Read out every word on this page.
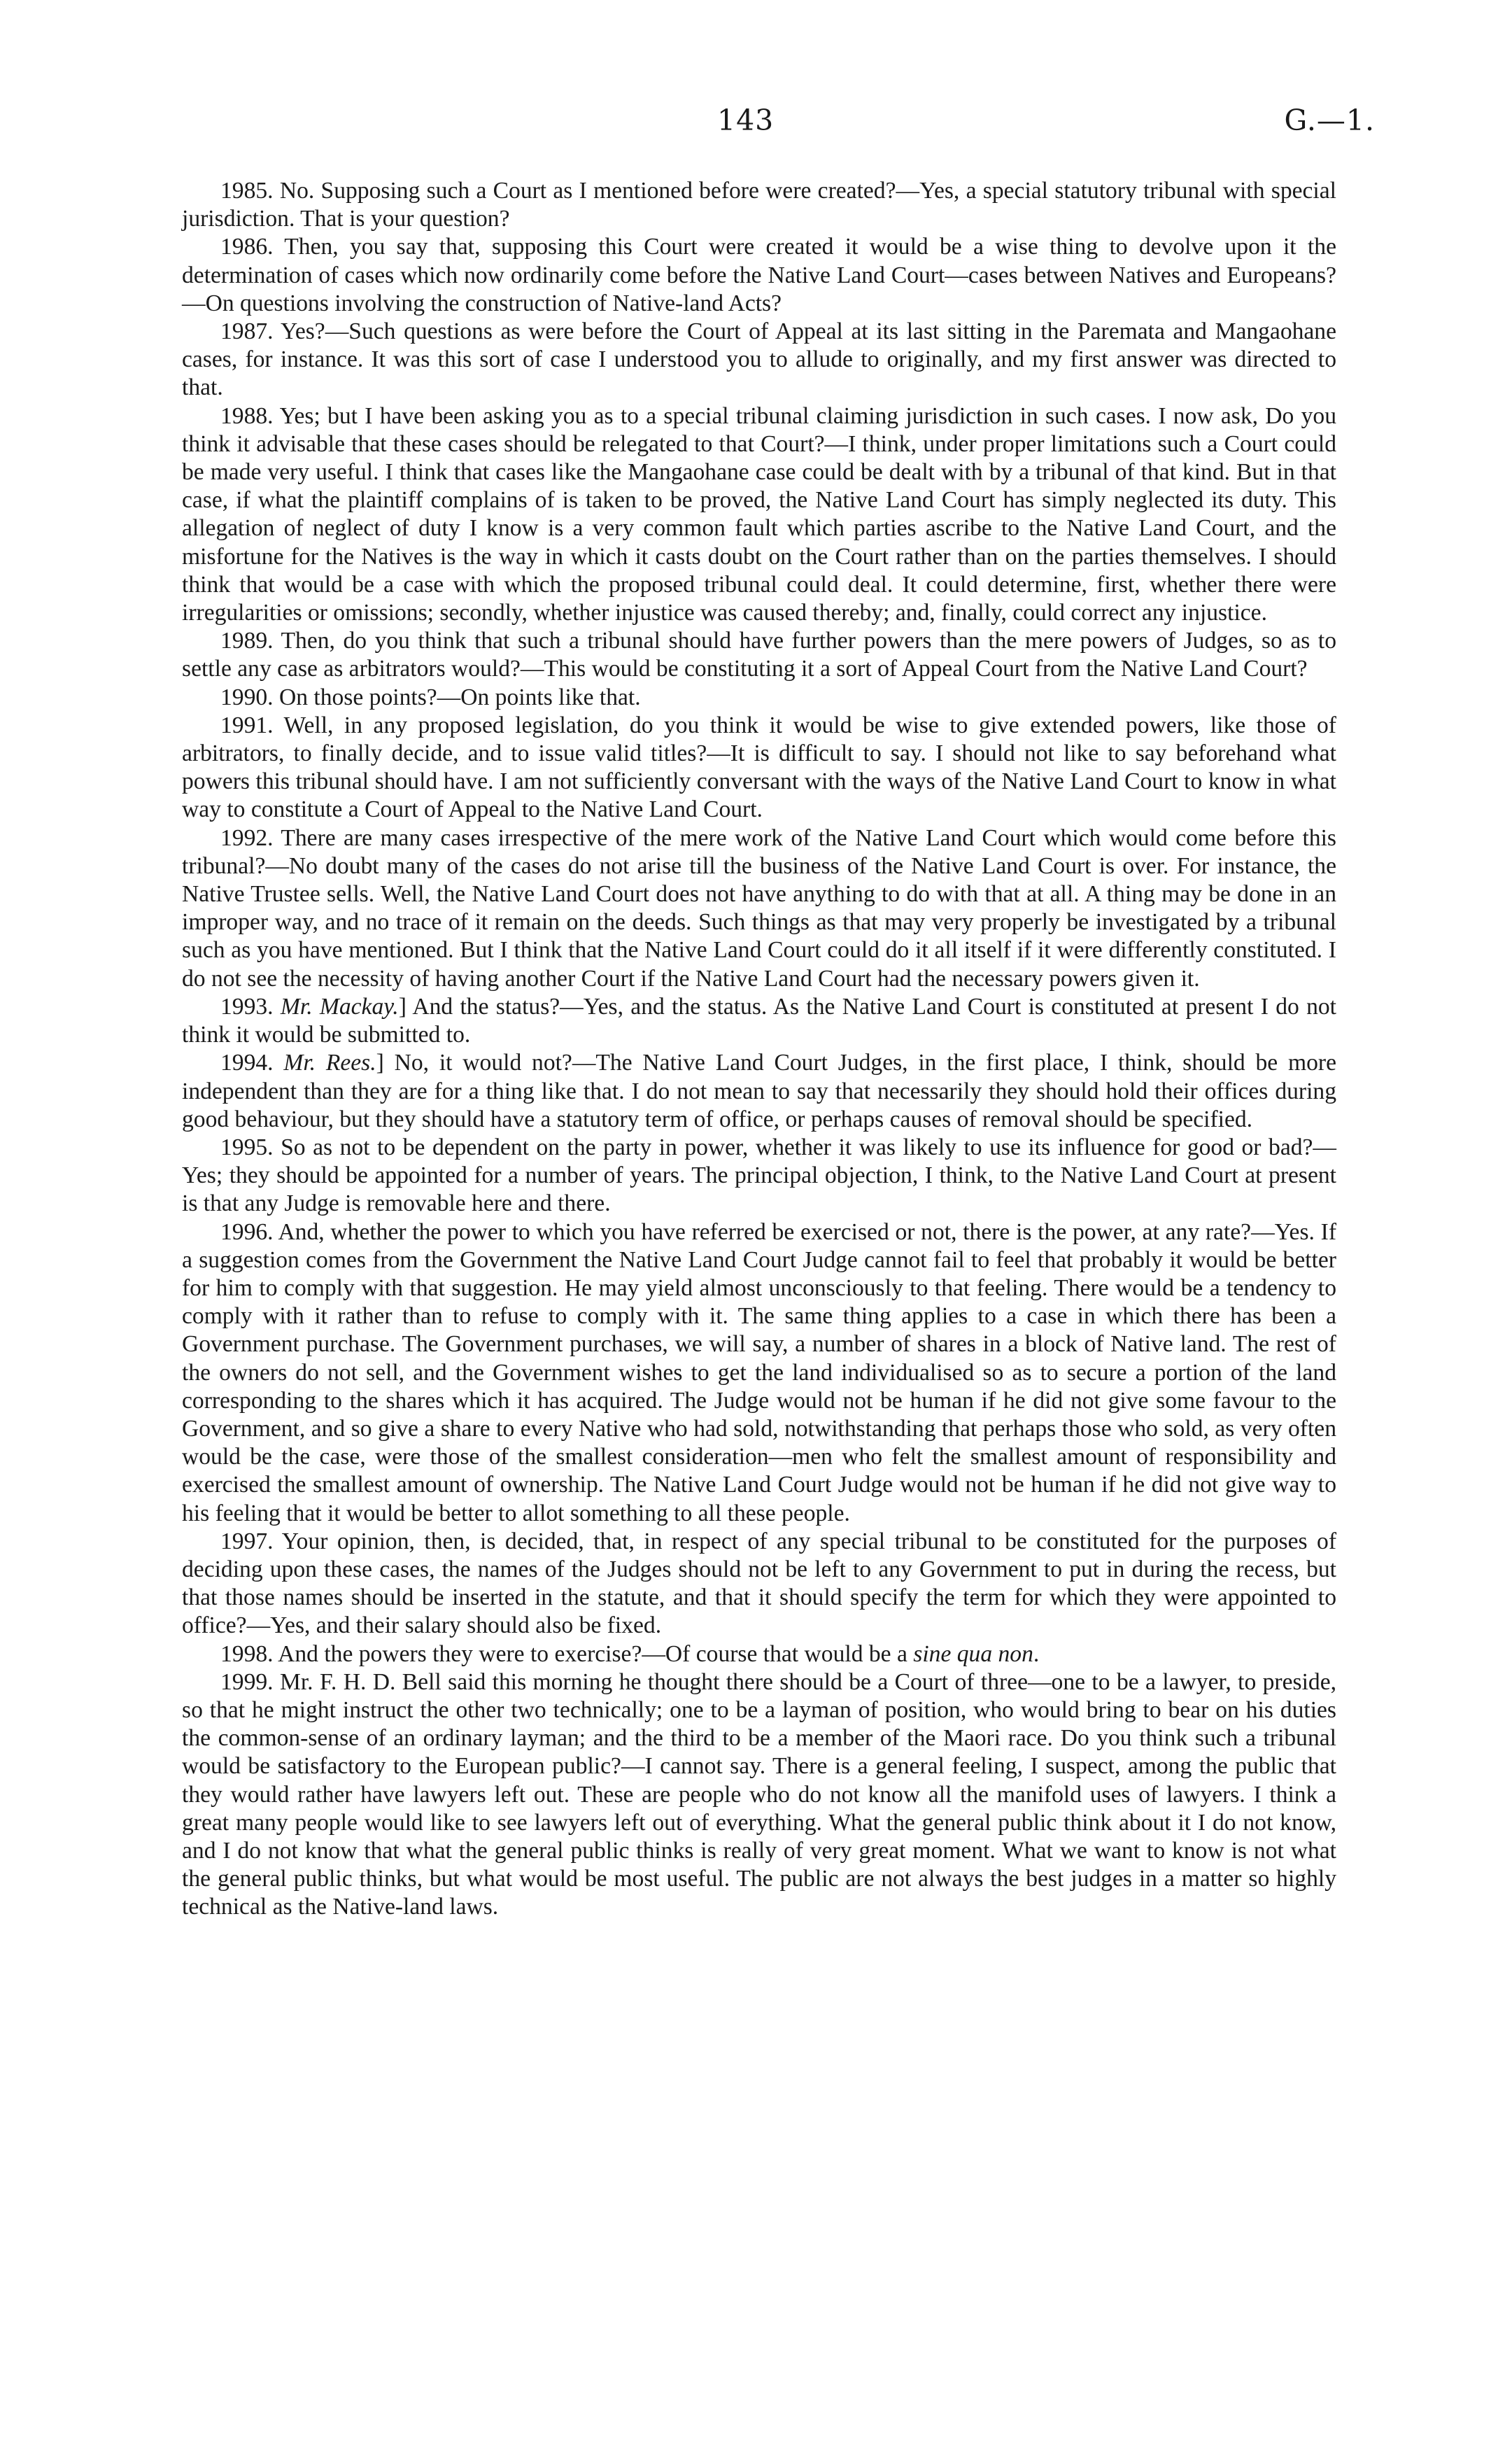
143	G.—1.

1985. No. Supposing such a Court as I mentioned before were created?—Yes, a special statutory tribunal with special jurisdiction. That is your question?

1986. Then, you say that, supposing this Court were created it would be a wise thing to devolve upon it the determination of cases which now ordinarily come before the Native Land Court—cases between Natives and Europeans?—On questions involving the construction of Native-land Acts?

1987. Yes?—Such questions as were before the Court of Appeal at its last sitting in the Paremata and Mangaohane cases, for instance. It was this sort of case I understood you to allude to originally, and my first answer was directed to that.

1988. Yes; but I have been asking you as to a special tribunal claiming jurisdiction in such cases. I now ask, Do you think it advisable that these cases should be relegated to that Court?—I think, under proper limitations such a Court could be made very useful. I think that cases like the Mangaohane case could be dealt with by a tribunal of that kind. But in that case, if what the plaintiff complains of is taken to be proved, the Native Land Court has simply neglected its duty. This allegation of neglect of duty I know is a very common fault which parties ascribe to the Native Land Court, and the misfortune for the Natives is the way in which it casts doubt on the Court rather than on the parties themselves. I should think that would be a case with which the proposed tribunal could deal. It could determine, first, whether there were irregularities or omissions; secondly, whether injustice was caused thereby; and, finally, could correct any injustice.

1989. Then, do you think that such a tribunal should have further powers than the mere powers of Judges, so as to settle any case as arbitrators would?—This would be constituting it a sort of Appeal Court from the Native Land Court?

1990. On those points?—On points like that.

1991. Well, in any proposed legislation, do you think it would be wise to give extended powers, like those of arbitrators, to finally decide, and to issue valid titles?—It is difficult to say. I should not like to say beforehand what powers this tribunal should have. I am not sufficiently conversant with the ways of the Native Land Court to know in what way to constitute a Court of Appeal to the Native Land Court.

1992. There are many cases irrespective of the mere work of the Native Land Court which would come before this tribunal?—No doubt many of the cases do not arise till the business of the Native Land Court is over. For instance, the Native Trustee sells. Well, the Native Land Court does not have anything to do with that at all. A thing may be done in an improper way, and no trace of it remain on the deeds. Such things as that may very properly be investigated by a tribunal such as you have mentioned. But I think that the Native Land Court could do it all itself if it were differently constituted. I do not see the necessity of having another Court if the Native Land Court had the necessary powers given it.

1993. Mr. Mackay.] And the status?—Yes, and the status. As the Native Land Court is constituted at present I do not think it would be submitted to.

1994. Mr. Rees.] No, it would not?—The Native Land Court Judges, in the first place, I think, should be more independent than they are for a thing like that. I do not mean to say that necessarily they should hold their offices during good behaviour, but they should have a statutory term of office, or perhaps causes of removal should be specified.

1995. So as not to be dependent on the party in power, whether it was likely to use its influence for good or bad?—Yes; they should be appointed for a number of years. The principal objection, I think, to the Native Land Court at present is that any Judge is removable here and there.

1996. And, whether the power to which you have referred be exercised or not, there is the power, at any rate?—Yes. If a suggestion comes from the Government the Native Land Court Judge cannot fail to feel that probably it would be better for him to comply with that suggestion. He may yield almost unconsciously to that feeling. There would be a tendency to comply with it rather than to refuse to comply with it. The same thing applies to a case in which there has been a Government purchase. The Government purchases, we will say, a number of shares in a block of Native land. The rest of the owners do not sell, and the Government wishes to get the land individualised so as to secure a portion of the land corresponding to the shares which it has acquired. The Judge would not be human if he did not give some favour to the Government, and so give a share to every Native who had sold, notwithstanding that perhaps those who sold, as very often would be the case, were those of the smallest consideration—men who felt the smallest amount of responsibility and exercised the smallest amount of ownership. The Native Land Court Judge would not be human if he did not give way to his feeling that it would be better to allot something to all these people.

1997. Your opinion, then, is decided, that, in respect of any special tribunal to be constituted for the purposes of deciding upon these cases, the names of the Judges should not be left to any Government to put in during the recess, but that those names should be inserted in the statute, and that it should specify the term for which they were appointed to office?—Yes, and their salary should also be fixed.

1998. And the powers they were to exercise?—Of course that would be a sine qua non.

1999. Mr. F. H. D. Bell said this morning he thought there should be a Court of three—one to be a lawyer, to preside, so that he might instruct the other two technically; one to be a layman of position, who would bring to bear on his duties the common-sense of an ordinary layman; and the third to be a member of the Maori race. Do you think such a tribunal would be satisfactory to the European public?—I cannot say. There is a general feeling, I suspect, among the public that they would rather have lawyers left out. These are people who do not know all the manifold uses of lawyers. I think a great many people would like to see lawyers left out of everything. What the general public think about it I do not know, and I do not know that what the general public thinks is really of very great moment. What we want to know is not what the general public thinks, but what would be most useful. The public are not always the best judges in a matter so highly technical as the Native-land laws.
